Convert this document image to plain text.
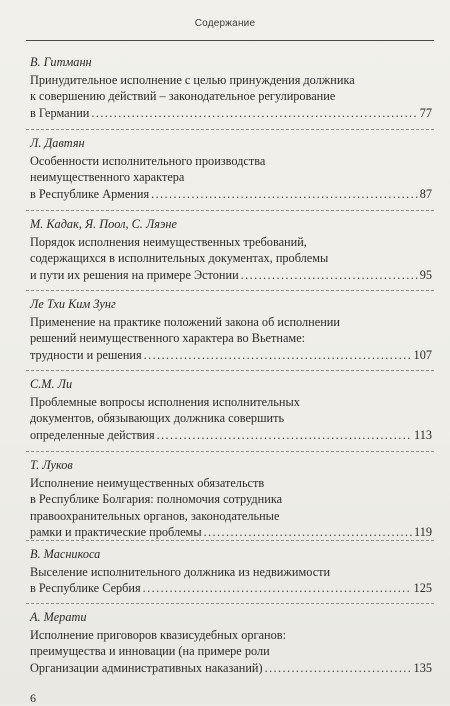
Содержание
В. Гитманн
Принудительное исполнение с целью принуждения должника
к совершению действий – законодательное регулирование
в Германии .....	77
Л. Давтян
Особенности исполнительного производства
неимущественного характера
в Республике Армения .....	87
М. Кадак, Я. Поол, С. Ляэне
Порядок исполнения неимущественных требований,
содержащихся в исполнительных документах, проблемы
и пути их решения на примере Эстонии .....	95
Ле Тхи Ким Зунг
Применение на практике положений закона об исполнении
решений неимущественного характера во Вьетнаме:
трудности и решения .....	107
С.М. Ли
Проблемные вопросы исполнения исполнительных
документов, обязывающих должника совершить
определенные действия .....	113
Т. Луков
Исполнение неимущественных обязательств
в Республике Болгария: полномочия сотрудника
правоохранительных органов, законодательные
рамки и практические проблемы .....	119
В. Масникоса
Выселение исполнительного должника из недвижимости
в Республике Сербия .....	125
А. Мерати
Исполнение приговоров квазисудебных органов:
преимущества и инновации (на примере роли
Организации административных наказаний) .....	135
6
